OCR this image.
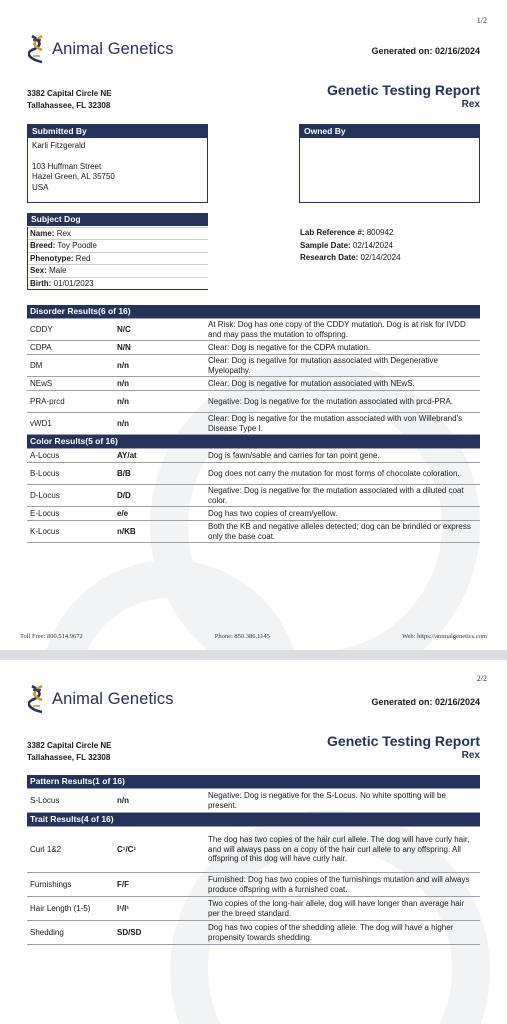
1/2
Animal Genetics	Generated on: 02/16/2024
3382 Capital Circle NE
Tallahassee, FL 32308
Genetic Testing Report
Rex
Submitted By
Karli Fitzgerald
103 Huffman Street
Hazel Green, AL 35750
USA
Owned By
Subject Dog
Name: Rex
Breed: Toy Poodle
Phenotype: Red
Sex: Male
Birth: 01/01/2023
Lab Reference #: 800942
Sample Date: 02/14/2024
Research Date: 02/14/2024
Disorder Results(6 of 16)		
CDDY	N/C	At Risk: Dog has one copy of the CDDY mutation. Dog is at risk for IVDD and may pass the mutation to offspring.
CDPA	N/N	Clear: Dog is negative for the CDPA mutation.
DM	n/n	Clear: Dog is negative for mutation associated with Degenerative Myelopathy.
NEwS	n/n	Clear: Dog is negative for mutation associated with NEwS.
PRA-prcd	n/n	Negative: Dog is negative for the mutation associated with prcd-PRA.
vWD1	n/n	Clear: Dog is negative for the mutation associated with von Willebrand's Disease Type I.
Color Results(5 of 16)		
A-Locus	AY/at	Dog is fawn/sable and carries for tan point gene.
B-Locus	B/B	Dog does not carry the mutation for most forms of chocolate coloration.
D-Locus	D/D	Negative: Dog is negative for the mutation associated with a diluted coat color.
E-Locus	e/e	Dog has two copies of cream/yellow.
K-Locus	n/KB	Both the KB and negative alleles detected; dog can be brindled or express only the base coat.
Toll Free: 800.514.9672	Phone: 850.386.1145	Web: https://animalgenetics.com
2/2
Animal Genetics	Generated on: 02/16/2024
3382 Capital Circle NE
Tallahassee, FL 32308
Genetic Testing Report
Rex
Pattern Results(1 of 16)		
S-Locus	n/n	Negative: Dog is negative for the S-Locus. No white spotting will be present.
Trait Results(4 of 16)		
Curl 1&2	C¹/C¹	The dog has two copies of the hair curl allele. The dog will have curly hair, and will always pass on a copy of the hair curl allele to any offspring. All offspring of this dog will have curly hair.
Furnishings	F/F	Furnished: Dog has two copies of the furnishings mutation and will always produce offspring with a furnished coat.
Hair Length (1-5)	l¹/l¹	Two copies of the long-hair allele, dog will have longer than average hair per the breed standard.
Shedding	SD/SD	Dog has two copies of the shedding allele. The dog will have a higher propensity towards shedding.
